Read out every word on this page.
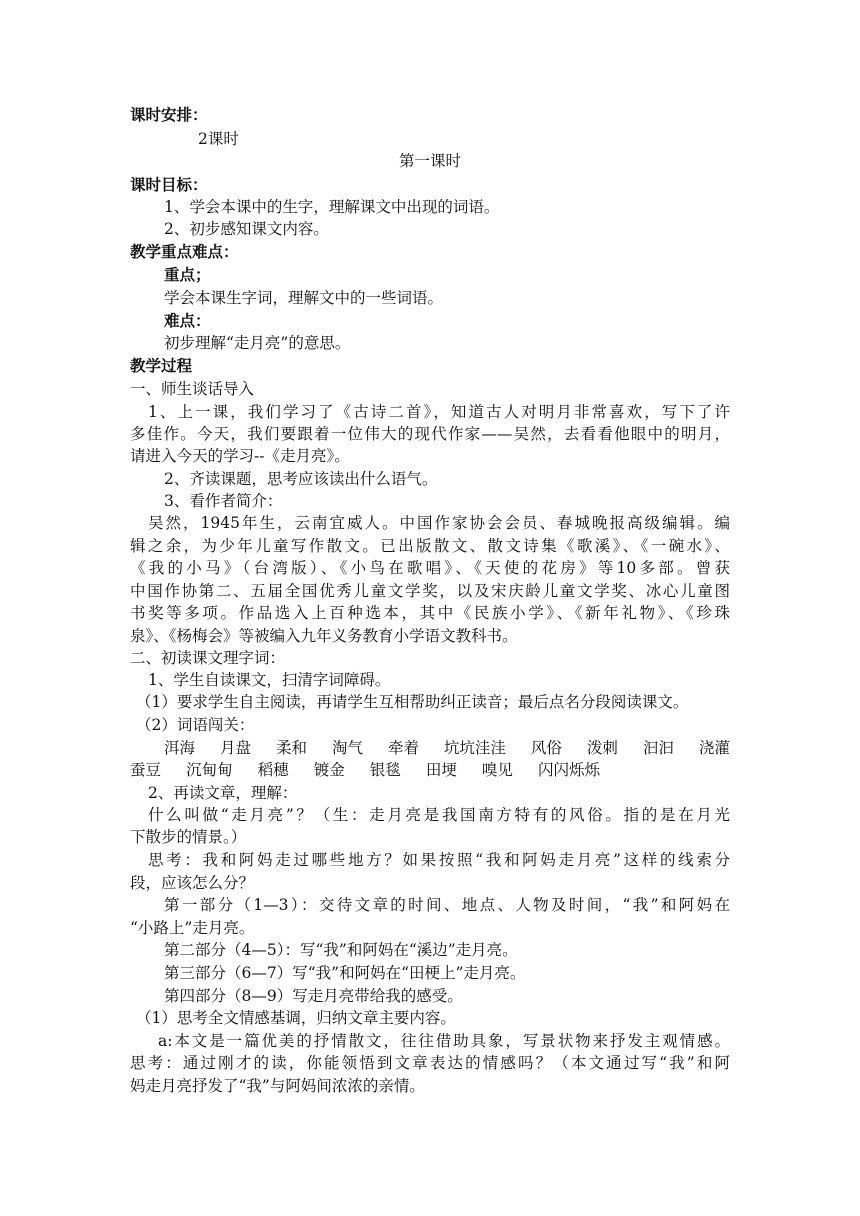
课时安排：
2课时
第一课时
课时目标：
1、学会本课中的生字，理解课文中出现的词语。
2、初步感知课文内容。
教学重点难点：
重点；
学会本课生字词，理解文中的一些词语。
难点：
初步理解“走月亮”的意思。
教学过程
一、师生谈话导入
1、上一课，我们学习了《古诗二首》，知道古人对明月非常喜欢，写下了许
多佳作。今天，我们要跟着一位伟大的现代作家——吴然，去看看他眼中的明月，
请进入今天的学习--《走月亮》。
2、齐读课题，思考应该读出什么语气。
3、看作者简介：
吴然，1945年生，云南宜威人。中国作家协会会员、春城晚报高级编辑。编
辑之余，为少年儿童写作散文。已出版散文、散文诗集《歌溪》、《一碗水》、
《我的小马》（台湾版）、《小鸟在歌唱》、《天使的花房》等10多部。曾获
中国作协第二、五届全国优秀儿童文学奖，以及宋庆龄儿童文学奖、冰心儿童图
书奖等多项。作品选入上百种选本，其中《民族小学》、《新年礼物》、《珍珠
泉》、《杨梅会》等被编入九年义务教育小学语文教科书。
二、初读课文理字词：
1、学生自读课文，扫清字词障碍。
（1）要求学生自主阅读，再请学生互相帮助纠正读音；最后点名分段阅读课文。
（2）词语闯关：
洱海 月盘 柔和 淘气 牵着 坑坑洼洼 风俗 泼刺 汩汩 浇灌
蚕豆 沉甸甸 稻穗 镀金 银毯 田埂 嗅见 闪闪烁烁
2、再读文章，理解：
什么叫做“走月亮”？（生：走月亮是我国南方特有的风俗。指的是在月光
下散步的情景。）
思考：我和阿妈走过哪些地方？如果按照“我和阿妈走月亮”这样的线索分
段，应该怎么分？
第一部分（1—3）：交待文章的时间、地点、人物及时间，“我”和阿妈在
“小路上”走月亮。
第二部分（4—5）：写“我”和阿妈在“溪边”走月亮。
第三部分（6—7）写“我”和阿妈在“田梗上”走月亮。
第四部分（8—9）写走月亮带给我的感受。
（1）思考全文情感基调，归纳文章主要内容。
a:本文是一篇优美的抒情散文，往往借助具象，写景状物来抒发主观情感。
思考：通过刚才的读，你能领悟到文章表达的情感吗？（本文通过写“我”和阿
妈走月亮抒发了“我”与阿妈间浓浓的亲情。
